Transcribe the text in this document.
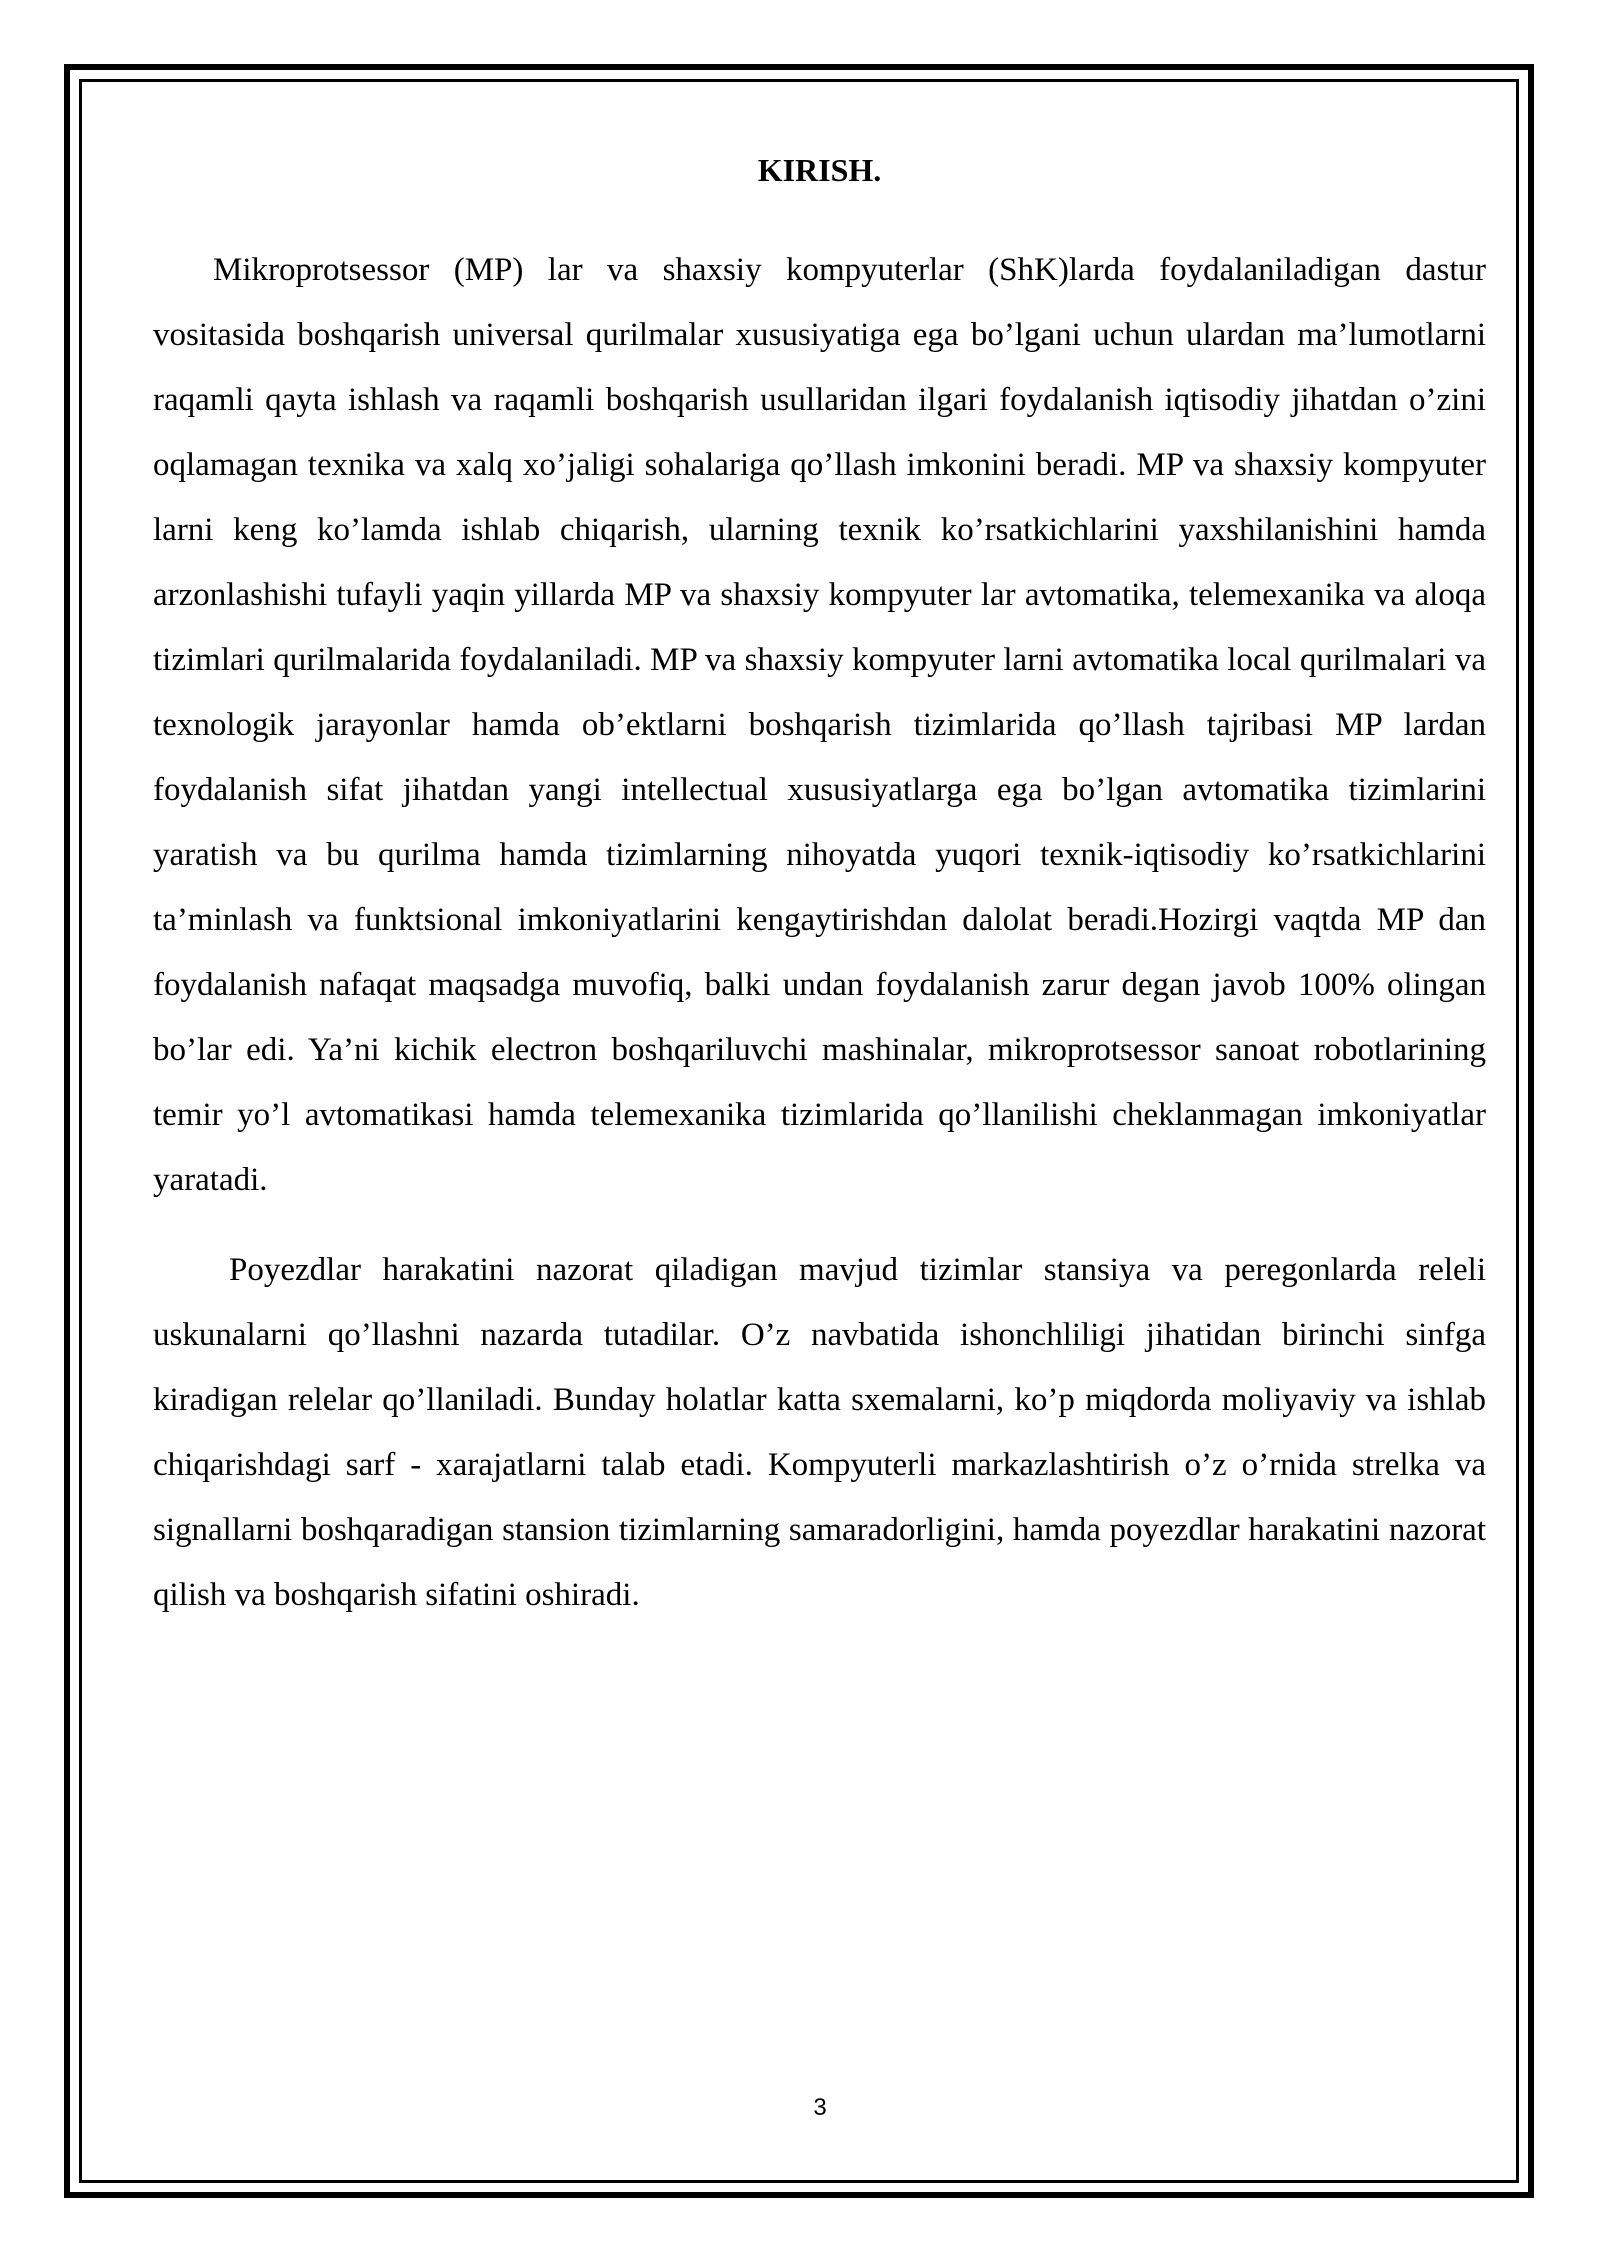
KIRISH.

Mikroprotsessor (MP) lar va shaxsiy kompyuterlar (ShK)larda foydalaniladigan dastur vositasida boshqarish universal qurilmalar xususiyatiga ega bo’lgani uchun ulardan ma’lumotlarni raqamli qayta ishlash va raqamli boshqarish usullaridan ilgari foydalanish iqtisodiy jihatdan o’zini oqlamagan texnika va xalq xo’jaligi sohalariga qo’llash imkonini beradi. MP va shaxsiy kompyuter larni keng ko’lamda ishlab chiqarish, ularning texnik ko’rsatkichlarini yaxshilanishini hamda arzonlashishi tufayli yaqin yillarda MP va shaxsiy kompyuter lar avtomatika, telemexanika va aloqa tizimlari qurilmalarida foydalaniladi. MP va shaxsiy kompyuter larni avtomatika local qurilmalari va texnologik jarayonlar hamda ob’ektlarni boshqarish tizimlarida qo’llash tajribasi MP lardan foydalanish sifat jihatdan yangi intellectual xususiyatlarga ega bo’lgan avtomatika tizimlarini yaratish va bu qurilma hamda tizimlarning nihoyatda yuqori texnik-iqtisodiy ko’rsatkichlarini ta’minlash va funktsional imkoniyatlarini kengaytirishdan dalolat beradi.Hozirgi vaqtda MP dan foydalanish nafaqat maqsadga muvofiq, balki undan foydalanish zarur degan javob 100% olingan bo’lar edi. Ya’ni kichik electron boshqariluvchi mashinalar, mikroprotsessor sanoat robotlarining temir yo’l avtomatikasi hamda telemexanika tizimlarida qo’llanilishi cheklanmagan imkoniyatlar yaratadi.

Poyezdlar harakatini nazorat qiladigan mavjud tizimlar stansiya va peregonlarda releli uskunalarni qo’llashni nazarda tutadilar. O’z navbatida ishonchliligi jihatidan birinchi sinfga kiradigan relelar qo’llaniladi. Bunday holatlar katta sxemalarni, ko’p miqdorda moliyaviy va ishlab chiqarishdagi sarf - xarajatlarni talab etadi. Kompyuterli markazlashtirish o’z o’rnida strelka va signallarni boshqaradigan stansion tizimlarning samaradorligini, hamda poyezdlar harakatini nazorat qilish va boshqarish sifatini oshiradi.

3
